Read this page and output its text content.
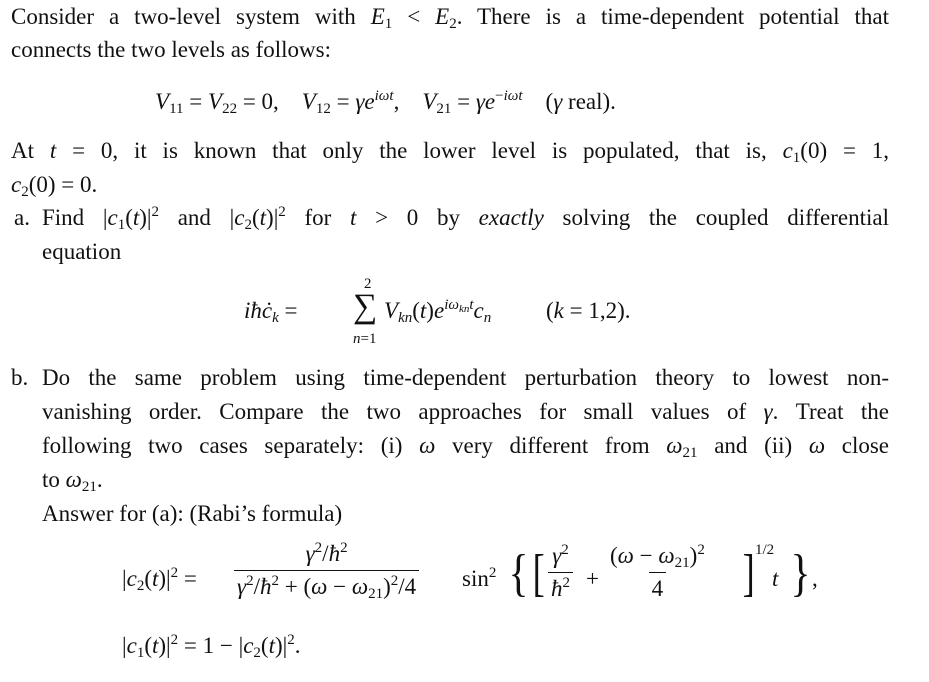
Consider a two-level system with $E_1 < E_2$. There is a time-dependent potential that
connects the two levels as follows:
$V_{11} = V_{22} = 0$,    $V_{12} = \gamma e^{i\omega t}$,    $V_{21} = \gamma e^{-i\omega t}$    (γ real).
At t = 0, it is known that only the lower level is populated, that is, $c_1(0) = 1$,
$c_2(0) = 0$.
a. Find $|c_1(t)|^2$ and $|c_2(t)|^2$ for t > 0 by exactly solving the coupled differential
equation
iħċ$_k$ =
2
∑
n=1
$V_{kn}(t)e^{i\omega_{kn}t}c_n$ (k = 1,2).
b. Do the same problem using time-dependent perturbation theory to lowest non-
vanishing order. Compare the two approaches for small values of γ. Treat the
following two cases separately: (i) ω very different from $\omega_{21}$ and (ii) ω close
to $\omega_{21}$.
Answer for (a): (Rabi’s formula)
$|c_2(t)|^2 = \frac{\gamma^2/ħ^2}{\gamma^2/ħ^2 + (\omega - \omega_{21})^2/4} \sin^2$ { [ $\frac{\gamma^2}{ħ^2} + \frac{(\omega - \omega_{21})^2}{4}$ ] 1/2
t } ,
$|c_1(t)|^2 = 1 - |c_2(t)|^2$.
